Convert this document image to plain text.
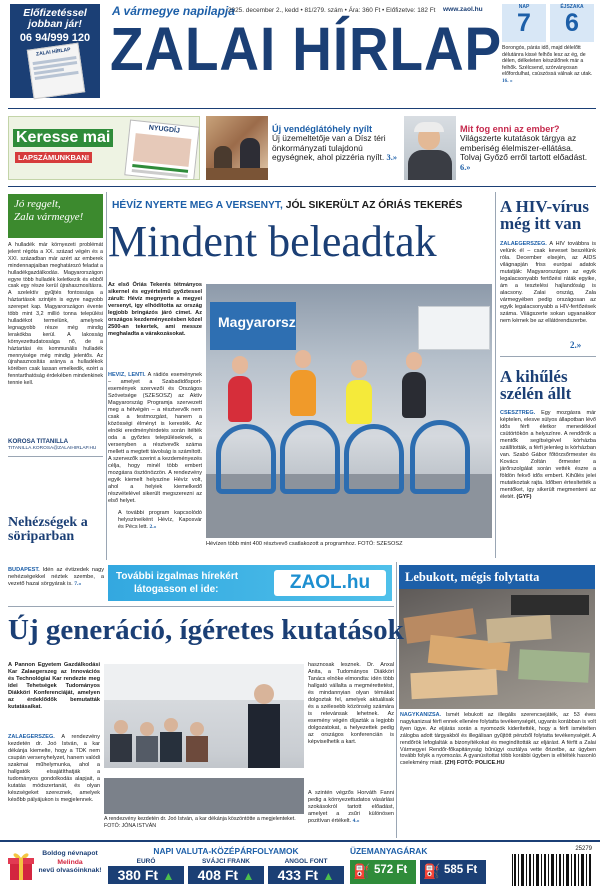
Előfizetéssel
jobban jár!
06 94/999 120
ZALAI HÍRLAP
A vármegye napilapja
2025. december 2., kedd • 81/279. szám • Ára: 360 Ft • Előfizetve: 182 Ft www.zaol.hu
ZALAI HÍRLAP
NAP
7
ÉJSZAKA
6
Borongós, párás idő, majd délelőtt délutánra kissé felhős lesz az ég, de délen, délkeleten készülőnek már a felhők. Szélcsend, szórványosan előfordulhat, csúszóssá válnak az utak. 16. »
Keresse mai
LAPSZÁMUNKBAN!
NYUGDÍJ	Új vendéglátóhely nyílt
Új üzemeltetője van a Dísz téri önkormányzati tulajdonú egységnek, ahol pizzéria nyílt. 3.»
Mit fog enni az ember?
Világszerte kutatások tárgya az emberiség élelmiszer-ellátása. Tolvaj Győző erről tartott előadást. 6.»
Jó reggelt,
Zala vármegye!
A hulladék már környezeti problémát jelent régóta a XX. század végén és a XXI. században már azért az emberek mindennapjaiban meghatározó feladat a hulladékgazdálkodás. Magyarországon egyre több hulladék keletkezik és ebből csak egy része kerül újrahasznosításra. A szelektív gyűjtés fontossága a háztartások szintjén is egyre nagyobb szerepet kap. Magyarországon évente több mint 3,2 millió tonna települési hulladékot termelünk, amelynek legnagyobb része még mindig lerakókba kerül. A lakosság környezettudatossága nő, de a háztartási és kommunális hulladék mennyisége még mindig jelentős. Az újrahasznosítás aránya a hulladékok körében csak lassan emelkedik, ezért a fenntarthatóság érdekében mindenkinek tennie kell.
KOROSA TITANILLA
TITANILLA.KOROSA@ZALAIHIRLAP.HU
Nehézségek a söriparban
BUDAPEST. Idén az évtizedek nagy nehézségekkel néztek szembe, a vezető hazai sörgyárak is. 7.»
HÉVÍZ NYERTE MEG A VERSENYT, JÓL SIKERÜLT AZ ÓRIÁS TEKERÉS
Mindent beleadtak
Az első Óriás Tekerés tétmányos sikernel és egyértelmű győztessel zárult: Hévíz megnyerte a megyei versenyt, igy elhódította az ország legjobb bringázós járó címet. Az országos kezdeményezésben közel 2500-an tekertek, ami messze meghaladta a várakozásokat.
HÉVÍZ, LENTI. A rádiós eseménynek – amelyet a Szabadidősport-események szervezői és Országos Szövetsége (SZESOSZ) az Aktív Magyarország Programja szervezett meg a hétvégén – a résztvevők nem csak a testmozgást, hanem a közösségi élményt is keresték. Az elnöki eredményhirdetés során ítélték oda a győztes településeknek, a versenyben a résztvevők száma mellett a megtett távolság is számított. A szervezők szerint a kezdeményezés célja, hogy minél több embert mozgásra ösztönözzön. A rendezvény egyik kiemelt helyszíne Hévíz volt, ahol a helyiek kiemelkedő részvételével sikerült megszerezni az első helyet.
A további program kapcsolódó helyszíneiként Hévíz, Kaposvár és Pécs lett. 2.»
Magyarorsz
Hévízen több mint 400 résztvevő csatlakozott a programhoz. FOTÓ: SZESOSZ
A HIV-vírus még itt van
ZALAEGERSZEG. A HIV továbbra is velünk él – csak keveset beszélünk róla. December elsején, az AIDS világnapján friss európai adatok mutatják: Magyarországon az egyik legalacsonyabb fertőzési ráták egyike, ám a tesztelési hajlandóság is alacsony. Zalai ország, Zala vármegyében pedig országosan az egyik legalacsonyabb a HIV-fertőzések száma. Világszerte sokan ugyanakkor nem kérnek be az ellátórendszerbe.
2.»
A kihűlés szélén állt
CSESZTREG. Egy mozgásra már képtelen, elesve súlyos állapotban lévő idős férfi életkor menedékkel csütörtökön a helyszínre. A rendőrök a mentők segítségével kórházba szállították, a férfi jelenleg is kórházban van. Szabó Gábor főtörzsőrmester és Kovács Zoltán őrmester a járőrszolgálat során vették észre a földön fekvő idős embert. Kihűlés jelei mutatkoztak rajta. Időben értesítették a mentőket, így sikerült megmenteni az életét. (GYF)
További izgalmas hírekért
látogasson el ide:	ZAOL.hu	Lebukott, mégis folytatta
NAGYKANIZSA. Ismét lebukott az illegális szerencsejáték, az 53 éves nagykanizsai férfi ennek ellenére folytatta tevékenységét, ugyanis korábban is volt ilyen ügye. Az eljárás során a nyomozók kiderítették, hogy a férfi ismételten zálogba adott tárgyakból és illegálisan gyűjtött pénzből folytatta tevékenységét. A rendőrök lefoglalták a bizonyítékokat és megindították az eljárást. A férfit a Zalai Vármegyei Rendőr-főkapitányság bűnügyi osztálya vette őrizetbe, az ügyben tovább folyik a nyomozás. A gyanúsítottat több korábbi ügyben is elítélték hasonló cselekmény miatt. (ZH) FOTÓ: POLICE.HU
Új generáció, ígéretes kutatások
A Pannon Egyetem Gazdálkodási Kar Zalaegerszeg az Innovációs és Technológiai Kar rendezte meg idei Tehetségek Tudományos Diákköri Konferenciáját, amelyen az érdeklődők bemutatták kutatásaikat.
ZALAEGERSZEG. A rendezvény kezdetén dr. Joó István, a kar dékánja kiemelte, hogy a TDK nem csupán versenyhelyzet, hanem valódi szakmai műhelymunka, ahol a hallgatók elsajátíthatják a tudományos gondolkodás alapjait, a kutatás módszertanát, és olyan készségeket szereznek, amelyek később pályájukon is megjelennek.
A rendezvény kezdetén dr. Joó István, a kar dékánja köszöntötte a megjelenteket. FOTÓ: JÓNA ISTVÁN
hasznosak lesznek. Dr. Anxal Anita, a Tudományos Diákköri Tanács elnöke elmondta: idén több hallgató vállalta a megmérettetést, és mindannyian olyan témákat dolgoztak fel, amelyek aktuálisak és a szélesebb közönség számára is relevánsak lehetnek. Az esemény végén díjazták a legjobb dolgozatokat, a helyezettek pedig az országos konferencián is képviselhetik a kart.
A szintén végzős Horváth Fanni pedig a környezettudatos vásárlási szokásokról tartott előadást, amelyet a zsűri különösen pozitívan értékelt. 4.»
Boldog névnapot
Melinda
nevű olvasóinknak!
NAPI VALUTA-KÖZÉPÁRFOLYAMOK
EURÓ
380 Ft ▲
SVÁJCI FRANK
408 Ft ▲
ANGOL FONT
433 Ft ▲
ÜZEMANYAGÁRAK
⛽ 572 Ft ⛽ 585 Ft
25279
